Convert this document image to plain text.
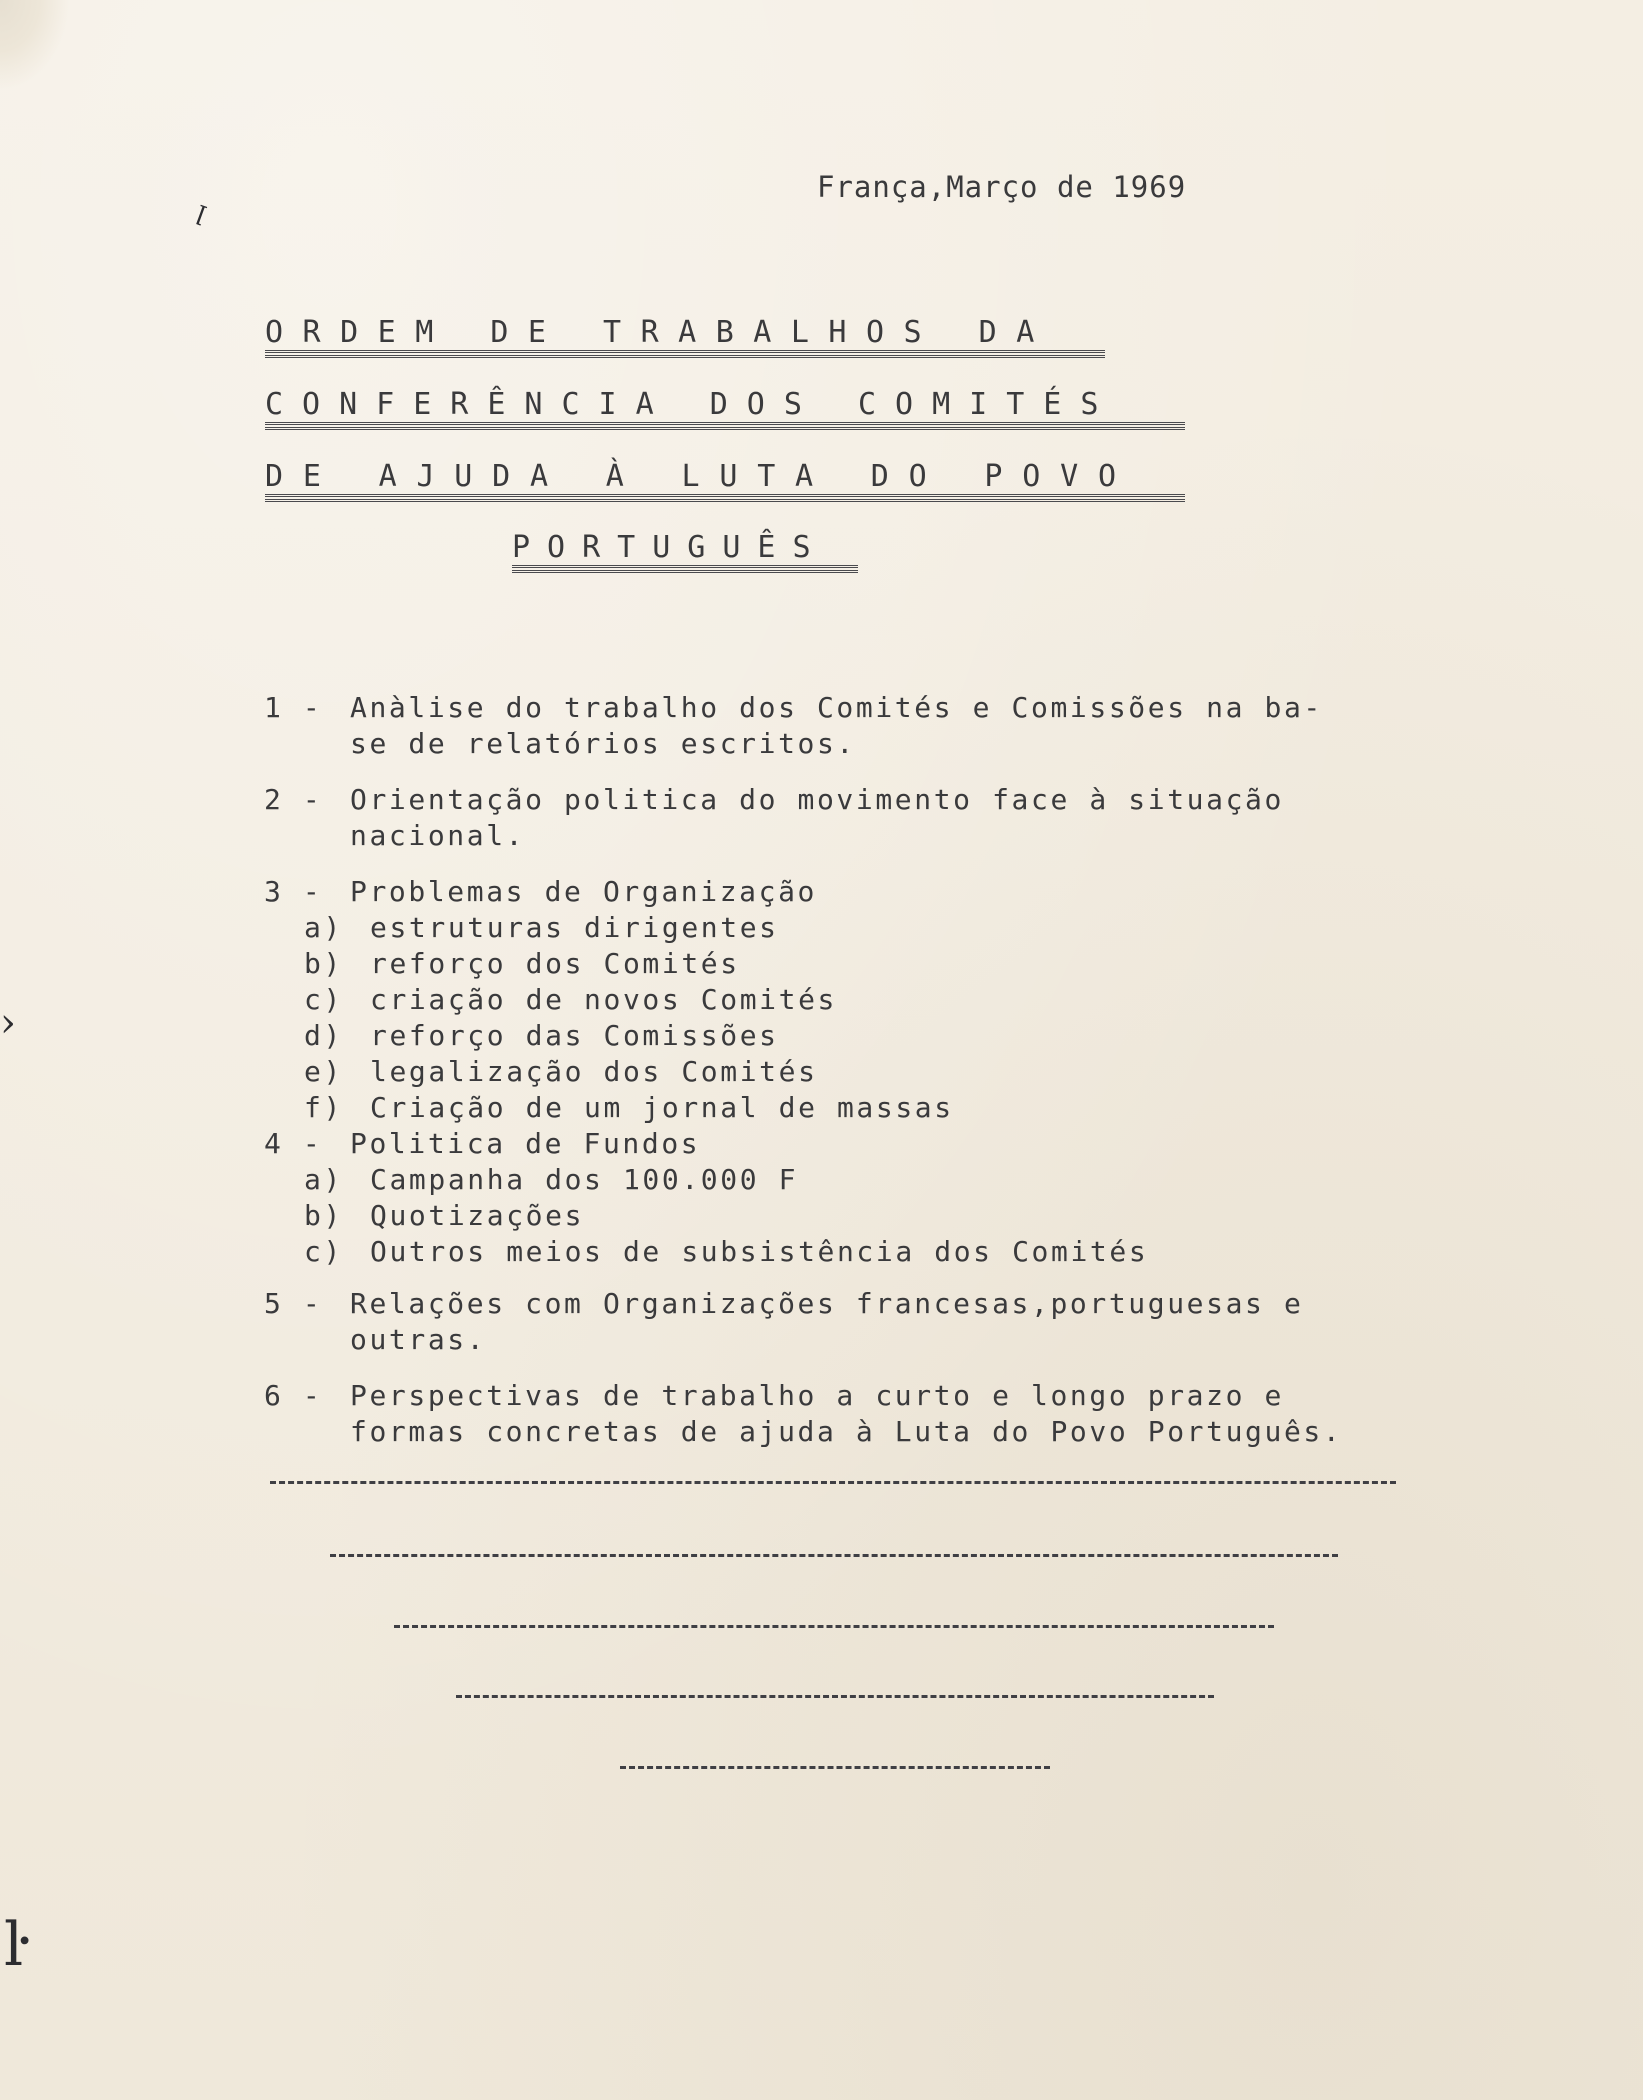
ꞁ
›
ŀ
França,Março de 1969
ORDEM DE TRABALHOS DA
CONFERÊNCIA DOS COMITÉS
DE AJUDA À LUTA DO POVO
PORTUGUÊS
1 - Anàlise do trabalho dos Comités e Comissões na ba-
se de relatórios escritos.
2 - Orientação politica do movimento face à situação
nacional.
3 - Problemas de Organização
a) estruturas dirigentes
b) reforço dos Comités
c) criação de novos Comités
d) reforço das Comissões
e) legalização dos Comités
f) Criação de um jornal de massas
4 - Politica de Fundos
a) Campanha dos 100.000 F
b) Quotizações
c) Outros meios de subsistência dos Comités
5 - Relações com Organizações francesas,portuguesas e
outras.
6 - Perspectivas de trabalho a curto e longo prazo e
formas concretas de ajuda à Luta do Povo Português.
